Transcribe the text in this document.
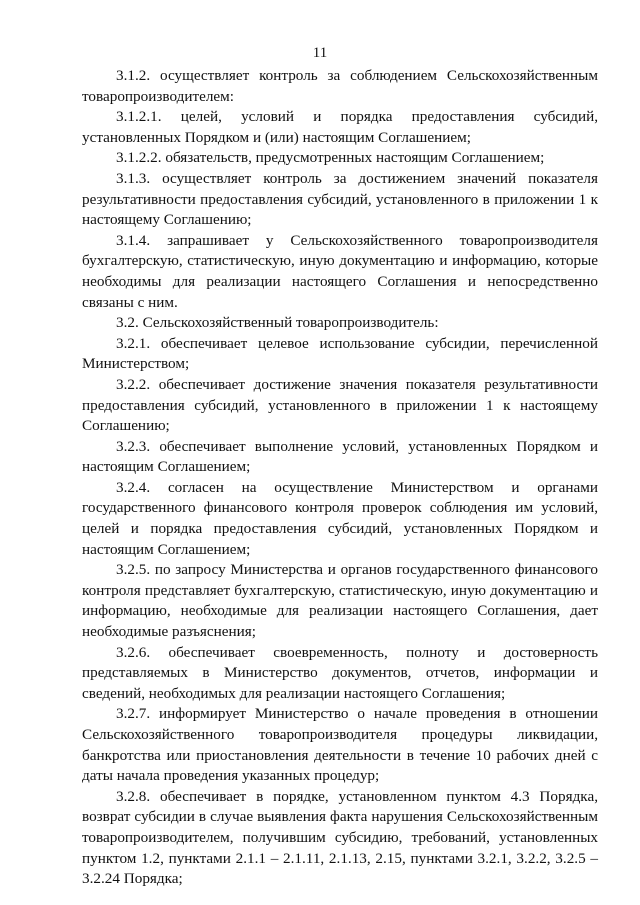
11

3.1.2. осуществляет контроль за соблюдением Сельскохозяйственным товаропроизводителем:

3.1.2.1. целей, условий и порядка предоставления субсидий, установленных Порядком и (или) настоящим Соглашением;

3.1.2.2. обязательств, предусмотренных настоящим Соглашением;

3.1.3. осуществляет контроль за достижением значений показателя результативности предоставления субсидий, установленного в приложении 1 к настоящему Соглашению;

3.1.4. запрашивает у Сельскохозяйственного товаропроизводителя бухгалтерскую, статистическую, иную документацию и информацию, которые необходимы для реализации настоящего Соглашения и непосредственно связаны с ним.

3.2. Сельскохозяйственный товаропроизводитель:

3.2.1. обеспечивает целевое использование субсидии, перечисленной Министерством;

3.2.2. обеспечивает достижение значения показателя результативности предоставления субсидий, установленного в приложении 1 к настоящему Соглашению;

3.2.3. обеспечивает выполнение условий, установленных Порядком и настоящим Соглашением;

3.2.4. согласен на осуществление Министерством и органами государственного финансового контроля проверок соблюдения им условий, целей и порядка предоставления субсидий, установленных Порядком и настоящим Соглашением;

3.2.5. по запросу Министерства и органов государственного финансового контроля представляет бухгалтерскую, статистическую, иную документацию и информацию, необходимые для реализации настоящего Соглашения, дает необходимые разъяснения;

3.2.6. обеспечивает своевременность, полноту и достоверность представляемых в Министерство документов, отчетов, информации и сведений, необходимых для реализации настоящего Соглашения;

3.2.7. информирует Министерство о начале проведения в отношении Сельскохозяйственного товаропроизводителя процедуры ликвидации, банкротства или приостановления деятельности в течение 10 рабочих дней с даты начала проведения указанных процедур;

3.2.8. обеспечивает в порядке, установленном пунктом 4.3 Порядка, возврат субсидии в случае выявления факта нарушения Сельскохозяйственным товаропроизводителем, получившим субсидию, требований, установленных пунктом 1.2, пунктами 2.1.1 – 2.1.11, 2.1.13, 2.15, пунктами 3.2.1, 3.2.2, 3.2.5 – 3.2.24 Порядка;
